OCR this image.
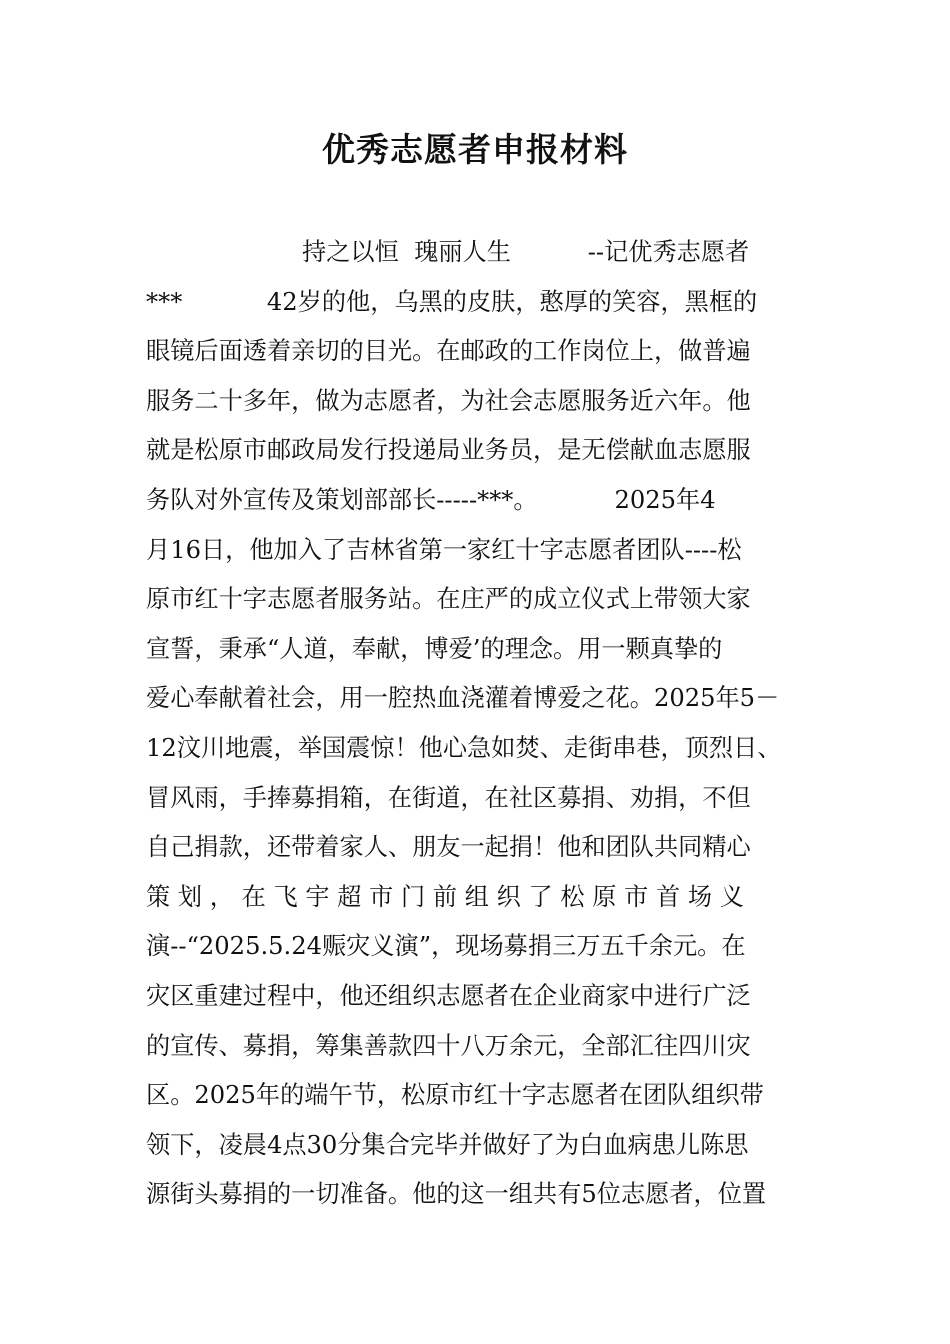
优秀志愿者申报材料
持之以恒  瑰丽人生          --记优秀志愿者
***           42岁的他，乌黑的皮肤，憨厚的笑容，黑框的
眼镜后面透着亲切的目光。在邮政的工作岗位上，做普遍
服务二十多年，做为志愿者，为社会志愿服务近六年。他
就是松原市邮政局发行投递局业务员，是无偿献血志愿服
务队对外宣传及策划部部长-----***。          2025年4
月16日，他加入了吉林省第一家红十字志愿者团队----松
原市红十字志愿者服务站。在庄严的成立仪式上带领大家
宣誓，秉承“人道，奉献，博爱’的理念。用一颗真挚的
爱心奉献着社会，用一腔热血浇灌着博爱之花。2025年5－
12汶川地震，举国震惊！他心急如焚、走街串巷，顶烈日、
冒风雨，手捧募捐箱，在街道，在社区募捐、劝捐，不但
自己捐款，还带着家人、朋友一起捐！他和团队共同精心
策 划 ， 在 飞 宇 超 市 门 前 组 织 了 松 原 市 首 场 义
演--“2025.5.24赈灾义演”，现场募捐三万五千余元。在
灾区重建过程中，他还组织志愿者在企业商家中进行广泛
的宣传、募捐，筹集善款四十八万余元，全部汇往四川灾
区。2025年的端午节，松原市红十字志愿者在团队组织带
领下，凌晨4点30分集合完毕并做好了为白血病患儿陈思
源街头募捐的一切准备。他的这一组共有5位志愿者，位置
